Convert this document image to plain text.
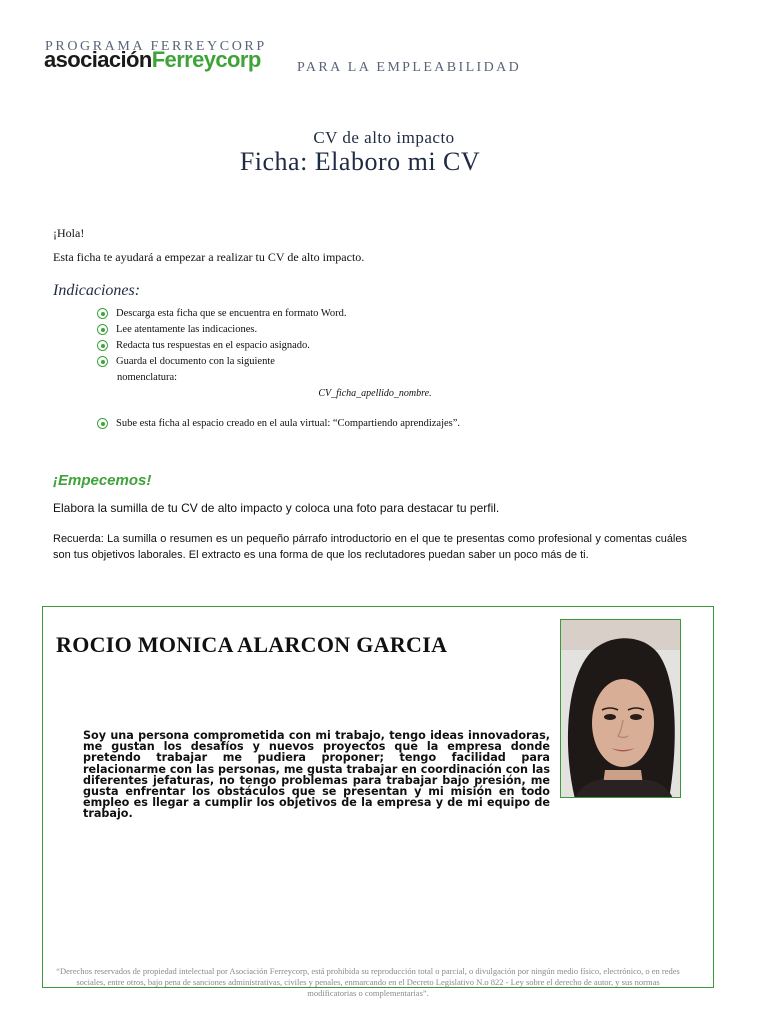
PROGRAMA FERREYCORP
asociaciónFerreycorp	PARA LA EMPLEABILIDAD
CV de alto impacto
Ficha: Elaboro mi CV
¡Hola!
Esta ficha te ayudará a empezar a realizar tu CV de alto impacto.
Indicaciones:
Descarga esta ficha que se encuentra en formato Word.
Lee atentamente las indicaciones.
Redacta tus respuestas en el espacio asignado.
Guarda el documento con la siguiente
nomenclatura:
CV_ficha_apellido_nombre.
Sube esta ficha al espacio creado en el aula virtual: “Compartiendo aprendizajes”.
¡Empecemos!
Elabora la sumilla de tu CV de alto impacto y coloca una foto para destacar tu perfil.
Recuerda: La sumilla o resumen es un pequeño párrafo introductorio en el que te presentas como profesional y comentas cuáles son tus objetivos laborales. El extracto es una forma de que los reclutadores puedan saber un poco más de ti.
ROCIO MONICA ALARCON GARCIA
Soy una persona comprometida con mi trabajo, tengo ideas innovadoras, me gustan los desafíos y nuevos proyectos que la empresa donde pretendo trabajar me pudiera proponer; tengo facilidad para relacionarme con las personas, me gusta trabajar en coordinación con las diferentes jefaturas, no tengo problemas para trabajar bajo presión, me gusta enfrentar los obstáculos que se presentan y mi misión en todo empleo es llegar a cumplir los objetivos de la empresa y de mi equipo de trabajo.
“Derechos reservados de propiedad intelectual por Asociación Ferreycorp, está prohibida su reproducción total o parcial, o divulgación por ningún medio físico, electrónico, o en redes sociales, entre otros, bajo pena de sanciones administrativas, civiles y penales, enmarcando en el Decreto Legislativo N.o 822 - Ley sobre el derecho de autor, y sus normas modificatorias o complementarias”.
